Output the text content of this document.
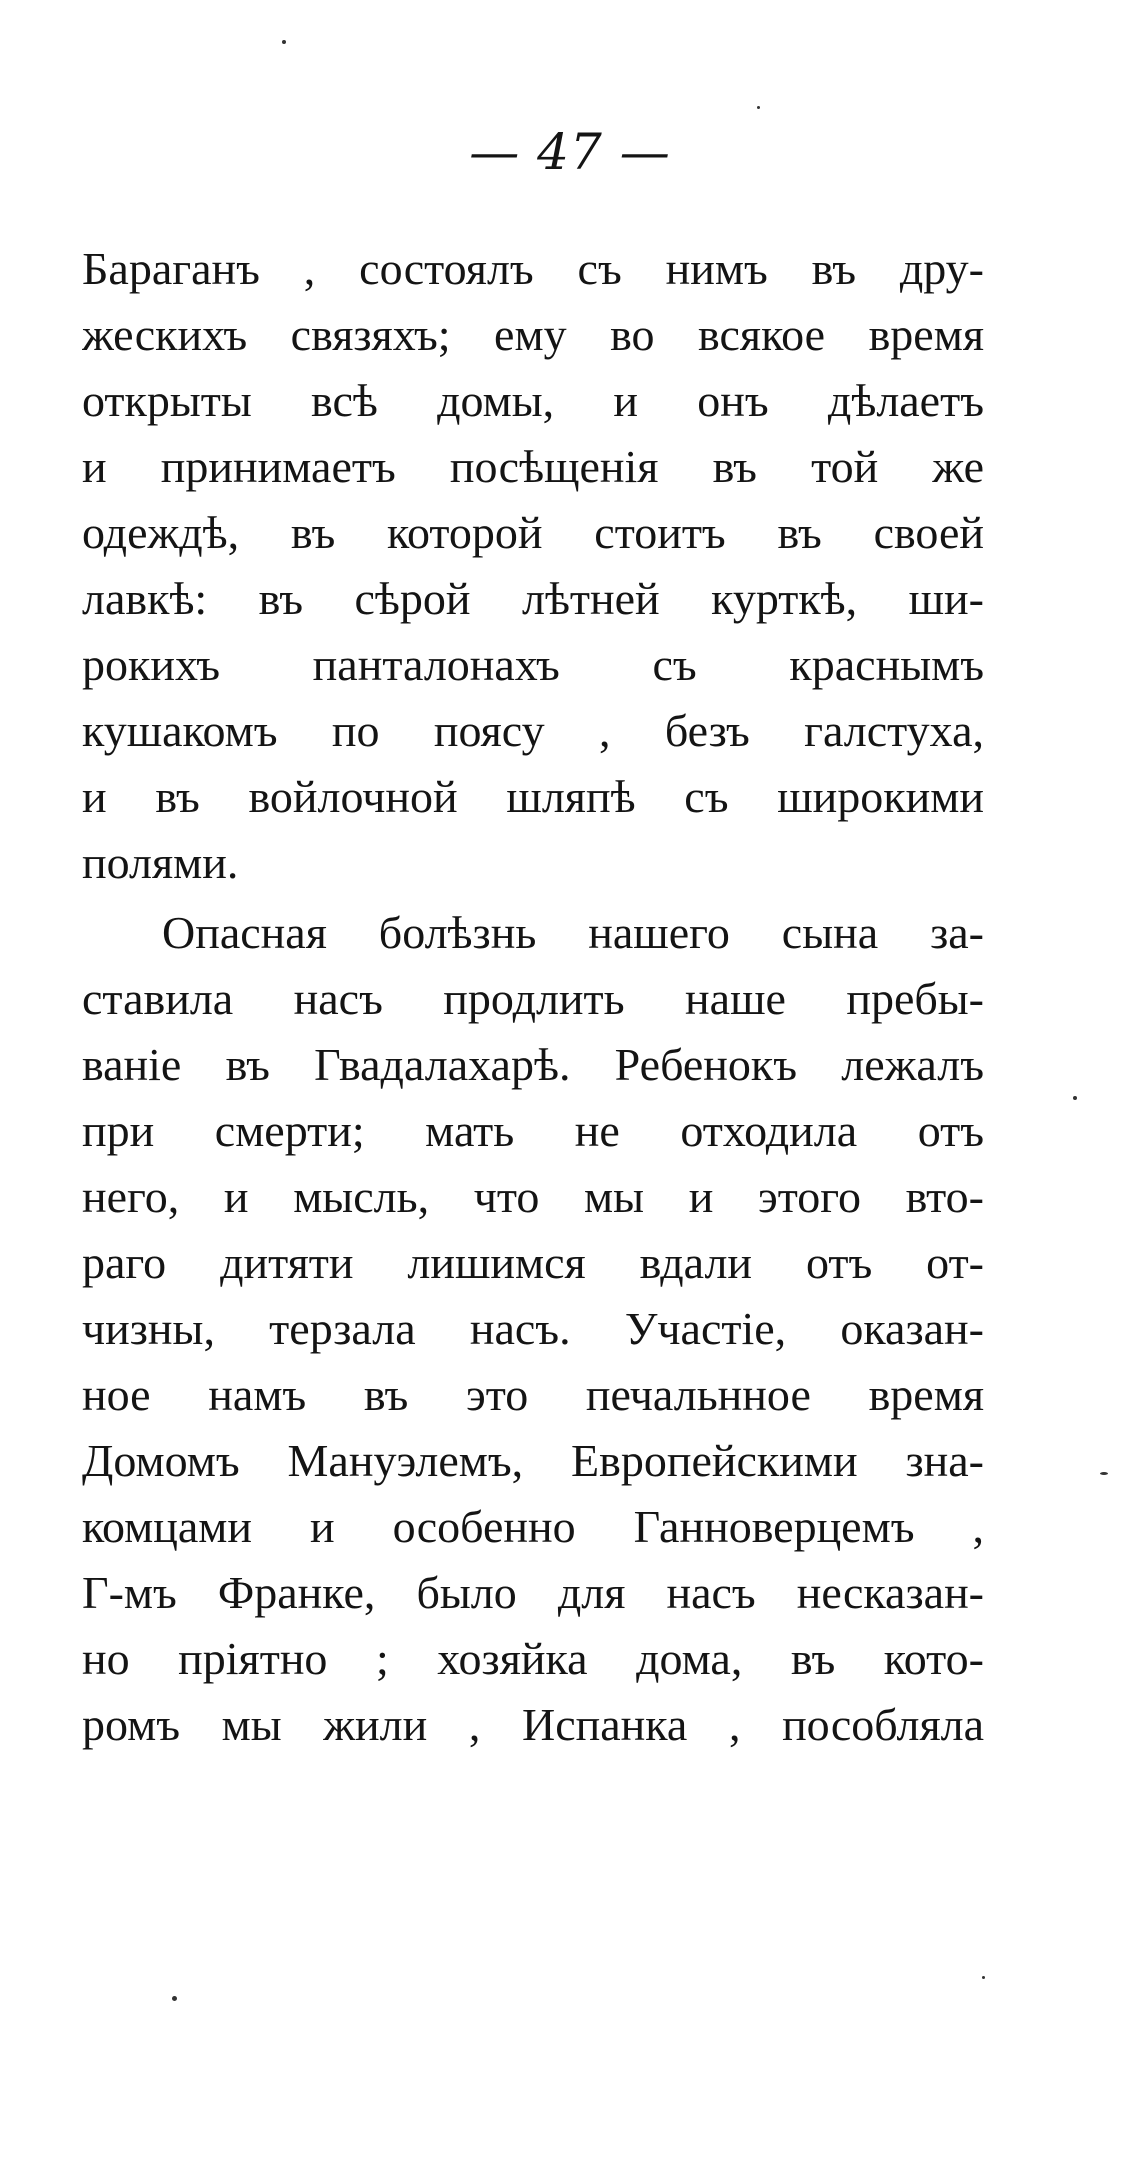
— 47 —
Бараганъ , состоялъ съ нимъ въ дру-
жескихъ связяхъ; ему во всякое время
открыты всѣ домы, и онъ дѣлаетъ
и принимаетъ посѣщенія въ той же
одеждѣ, въ которой стоитъ въ своей
лавкѣ: въ сѣрой лѣтней курткѣ, ши-
рокихъ панталонахъ съ краснымъ
кушакомъ по поясу , безъ галстуха,
и въ войлочной шляпѣ съ широкими
полями.
Опасная болѣзнь нашего сына за-
ставила насъ продлить наше пребы-
ваніе въ Гвадалахарѣ. Ребенокъ лежалъ
при смерти; мать не отходила отъ
него, и мысль, что мы и этого вто-
раго дитяти лишимся вдали отъ от-
чизны, терзала насъ. Участіе, оказан-
ное намъ въ это печальнное время
Домомъ Мануэлемъ, Европейскими зна-
комцами и особенно Ганноверцемъ ,
Г-мъ Франке, было для насъ несказан-
но пріятно ; хозяйка дома, въ кото-
ромъ мы жили , Испанка , пособляла
